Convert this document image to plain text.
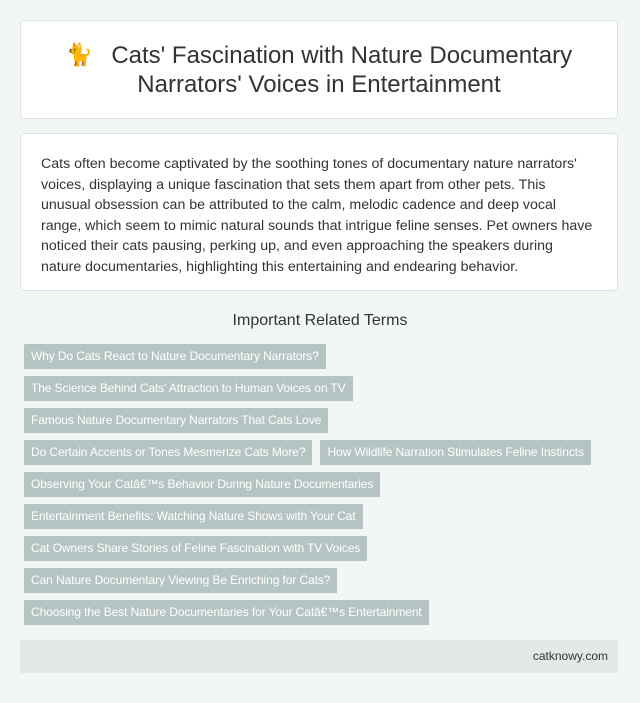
🐈 Cats' Fascination with Nature Documentary Narrators' Voices in Entertainment

Cats often become captivated by the soothing tones of documentary nature narrators' voices, displaying a unique fascination that sets them apart from other pets. This unusual obsession can be attributed to the calm, melodic cadence and deep vocal range, which seem to mimic natural sounds that intrigue feline senses. Pet owners have noticed their cats pausing, perking up, and even approaching the speakers during nature documentaries, highlighting this entertaining and endearing behavior.

Important Related Terms
Why Do Cats React to Nature Documentary Narrators?
The Science Behind Cats' Attraction to Human Voices on TV
Famous Nature Documentary Narrators That Cats Love
Do Certain Accents or Tones Mesmerize Cats More?	How Wildlife Narration Stimulates Feline Instincts
Observing Your Catâ€™s Behavior During Nature Documentaries
Entertainment Benefits: Watching Nature Shows with Your Cat
Cat Owners Share Stories of Feline Fascination with TV Voices
Can Nature Documentary Viewing Be Enriching for Cats?
Choosing the Best Nature Documentaries for Your Catâ€™s Entertainment
catknowy.com
